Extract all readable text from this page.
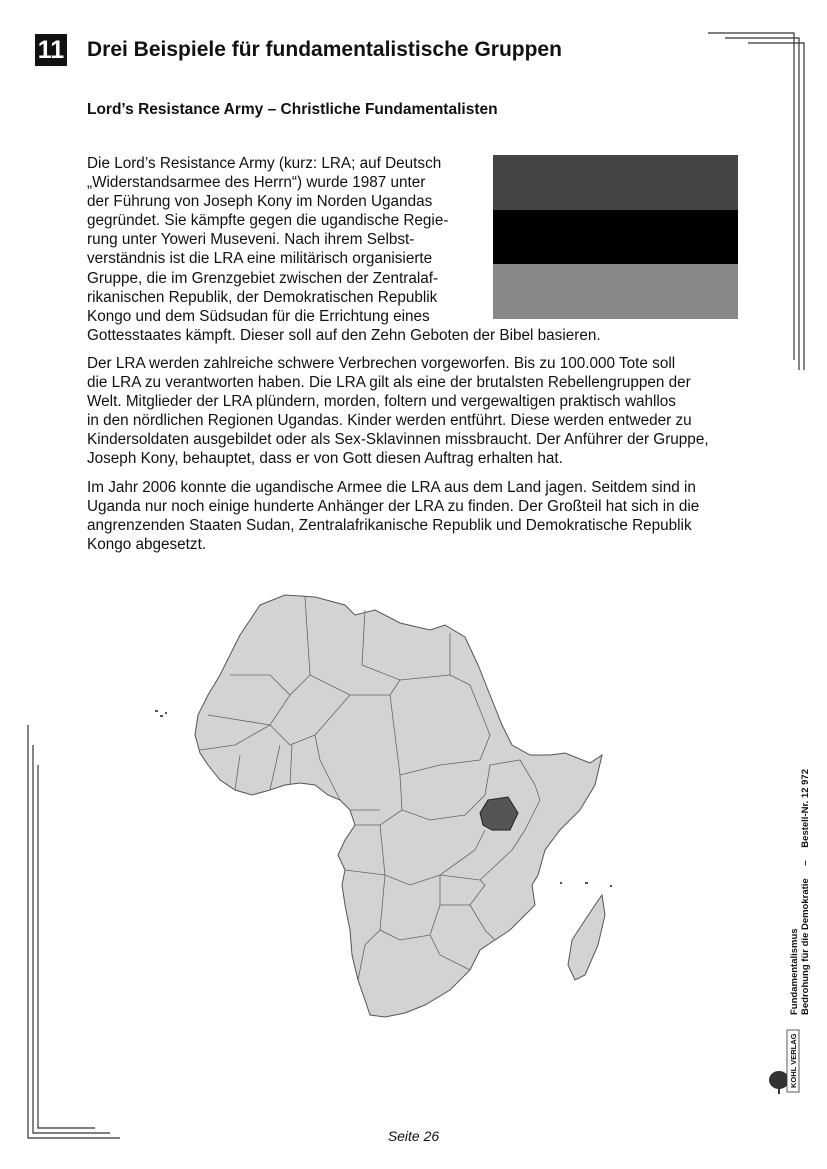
11 Drei Beispiele für fundamentalistische Gruppen
Lord’s Resistance Army – Christliche Fundamentalisten
Die Lord’s Resistance Army (kurz: LRA; auf Deutsch
„Widerstandsarmee des Herrn“) wurde 1987 unter
der Führung von Joseph Kony im Norden Ugandas
gegründet. Sie kämpfte gegen die ugandische Regie-
rung unter Yoweri Museveni. Nach ihrem Selbst-
verständnis ist die LRA eine militärisch organisierte
Gruppe, die im Grenzgebiet zwischen der Zentralaf-
rikanischen Republik, der Demokratischen Republik
Kongo und dem Südsudan für die Errichtung eines
Gottesstaates kämpft. Dieser soll auf den Zehn Geboten der Bibel basieren.
Der LRA werden zahlreiche schwere Verbrechen vorgeworfen. Bis zu 100.000 Tote soll
die LRA zu verantworten haben. Die LRA gilt als eine der brutalsten Rebellengruppen der
Welt. Mitglieder der LRA plündern, morden, foltern und vergewaltigen praktisch wahllos
in den nördlichen Regionen Ugandas. Kinder werden entführt. Diese werden entweder zu
Kindersoldaten ausgebildet oder als Sex-Sklavinnen missbraucht. Der Anführer der Gruppe,
Joseph Kony, behauptet, dass er von Gott diesen Auftrag erhalten hat.
Im Jahr 2006 konnte die ugandische Armee die LRA aus dem Land jagen. Seitdem sind in
Uganda nur noch einige hunderte Anhänger der LRA zu finden. Der Großteil hat sich in die
angrenzenden Staaten Sudan, Zentralafrikanische Republik und Demokratische Republik
Kongo abgesetzt.
Seite 26
Fundamentalismus Bedrohung für die Demokratie – Bestell-Nr. 12 972
KOHL VERLAG
